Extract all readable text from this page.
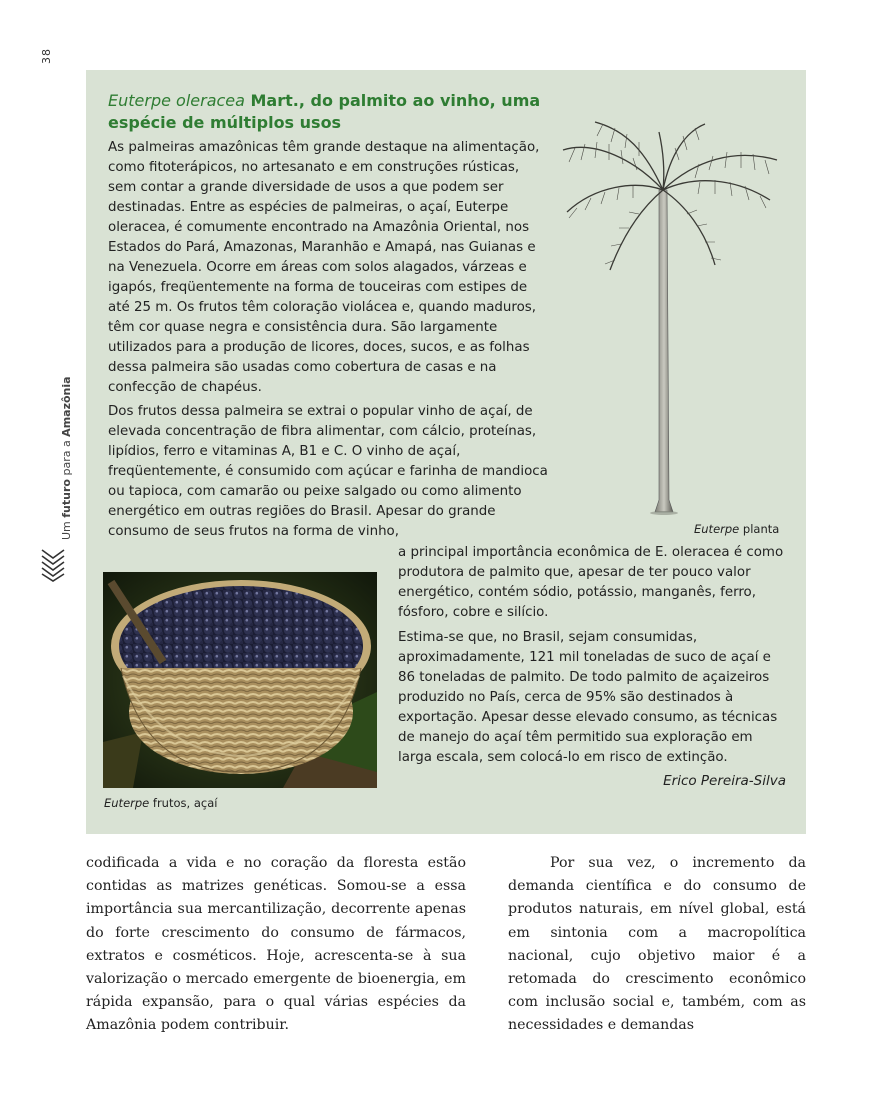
38
Um futuro para a Amazônia
Euterpe oleracea Mart., do palmito ao vinho, uma espécie de múltiplos usos
As palmeiras amazônicas têm grande destaque na alimentação, como fitoterápicos, no artesanato e em construções rústicas, sem contar a grande diversidade de usos a que podem ser destinadas. Entre as espécies de palmeiras, o açaí, Euterpe oleracea, é comumente encontrado na Amazônia Oriental, nos Estados do Pará, Amazonas, Maranhão e Amapá, nas Guianas e na Venezuela. Ocorre em áreas com solos alagados, várzeas e igapós, freqüentemente na forma de touceiras com estipes de até 25 m. Os frutos têm coloração violácea e, quando maduros, têm cor quase negra e consistência dura. São largamente utilizados para a produção de licores, doces, sucos, e as folhas dessa palmeira são usadas como cobertura de casas e na confecção de chapéus.
Dos frutos dessa palmeira se extrai o popular vinho de açaí, de elevada concentração de fibra alimentar, com cálcio, proteínas, lipídios, ferro e vitaminas A, B1 e C. O vinho de açaí, freqüentemente, é consumido com açúcar e farinha de mandioca ou tapioca, com camarão ou peixe salgado ou como alimento energético em outras regiões do Brasil. Apesar do grande consumo de seus frutos na forma de vinho,
a principal importância econômica de E. oleracea é como produtora de palmito que, apesar de ter pouco valor energético, contém sódio, potássio, manganês, ferro, fósforo, cobre e silício.
Estima-se que, no Brasil, sejam consumidas, aproximadamente, 121 mil toneladas de suco de açaí e 86 toneladas de palmito. De todo palmito de açaizeiros produzido no País, cerca de 95% são destinados à exportação. Apesar desse elevado consumo, as técnicas de manejo do açaí têm permitido sua exploração em larga escala, sem colocá-lo em risco de extinção.
Erico Pereira-Silva
Euterpe planta
Euterpe frutos, açaí
codificada a vida e no coração da floresta estão contidas as matrizes genéticas. Somou-se a essa importância sua mercantilização, decorrente apenas do forte crescimento do consumo de fármacos, extratos e cosméticos. Hoje, acrescenta-se à sua valorização o mercado emergente de bioenergia, em rápida expansão, para o qual várias espécies da Amazônia podem contribuir.
Por sua vez, o incremento da demanda científica e do consumo de produtos naturais, em nível global, está em sintonia com a macropolítica nacional, cujo objetivo maior é a retomada do crescimento econômico com inclusão social e, também, com as necessidades e demandas
